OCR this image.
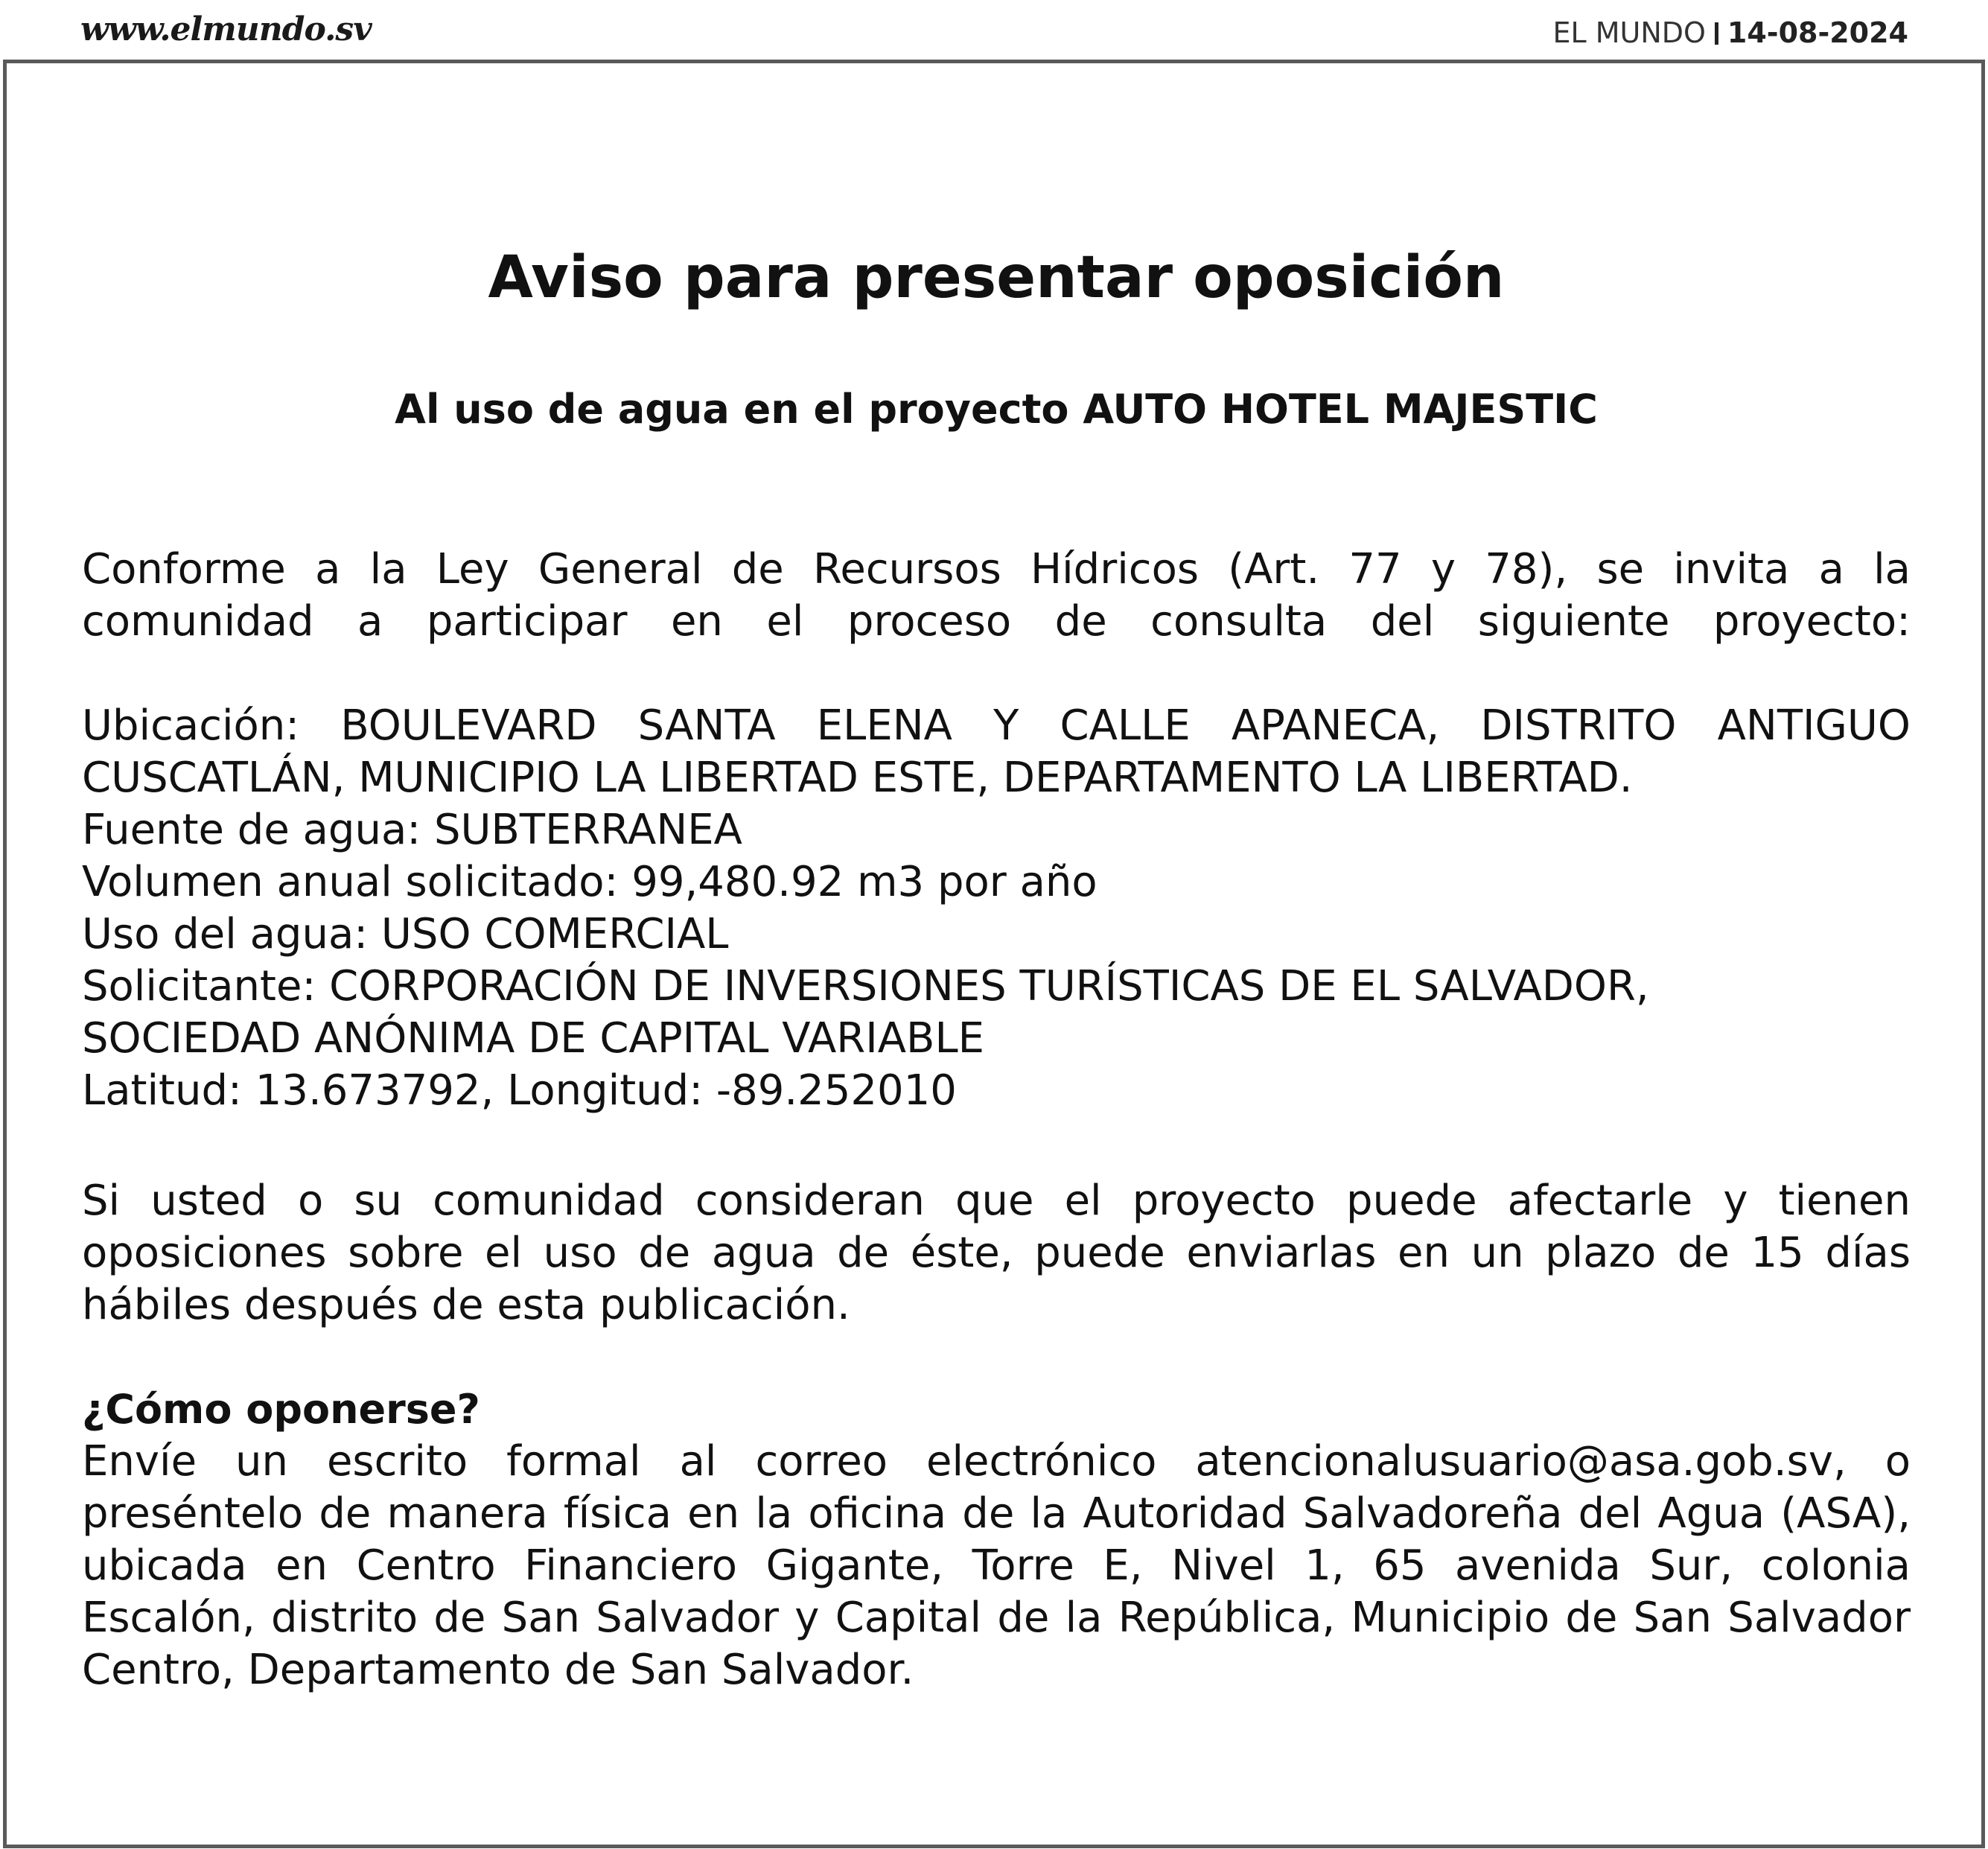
www.elmundo.sv	EL MUNDO 14-08-2024
Aviso para presentar oposición
Al uso de agua en el proyecto AUTO HOTEL MAJESTIC
Conforme a la Ley General de Recursos Hídricos (Art. 77 y 78), se invita a la comunidad a participar en el proceso de consulta del siguiente proyecto:
Ubicación: BOULEVARD SANTA ELENA Y CALLE APANECA, DISTRITO ANTIGUO
CUSCATLÁN, MUNICIPIO LA LIBERTAD ESTE, DEPARTAMENTO LA LIBERTAD.
Fuente de agua: SUBTERRANEA
Volumen anual solicitado: 99,480.92 m3 por año
Uso del agua: USO COMERCIAL
Solicitante: CORPORACIÓN DE INVERSIONES TURÍSTICAS DE EL SALVADOR,
SOCIEDAD ANÓNIMA DE CAPITAL VARIABLE
Latitud: 13.673792, Longitud: -89.252010
Si usted o su comunidad consideran que el proyecto puede afectarle y tienen oposiciones sobre el uso de agua de éste, puede enviarlas en un plazo de 15 días hábiles después de esta publicación.
¿Cómo oponerse?
Envíe un escrito formal al correo electrónico atencionalusuario@asa.gob.sv, o preséntelo de manera física en la oficina de la Autoridad Salvadoreña del Agua (ASA), ubicada en Centro Financiero Gigante, Torre E, Nivel 1, 65 avenida Sur, colonia Escalón, distrito de San Salvador y Capital de la República, Municipio de San Salvador Centro, Departamento de San Salvador.
